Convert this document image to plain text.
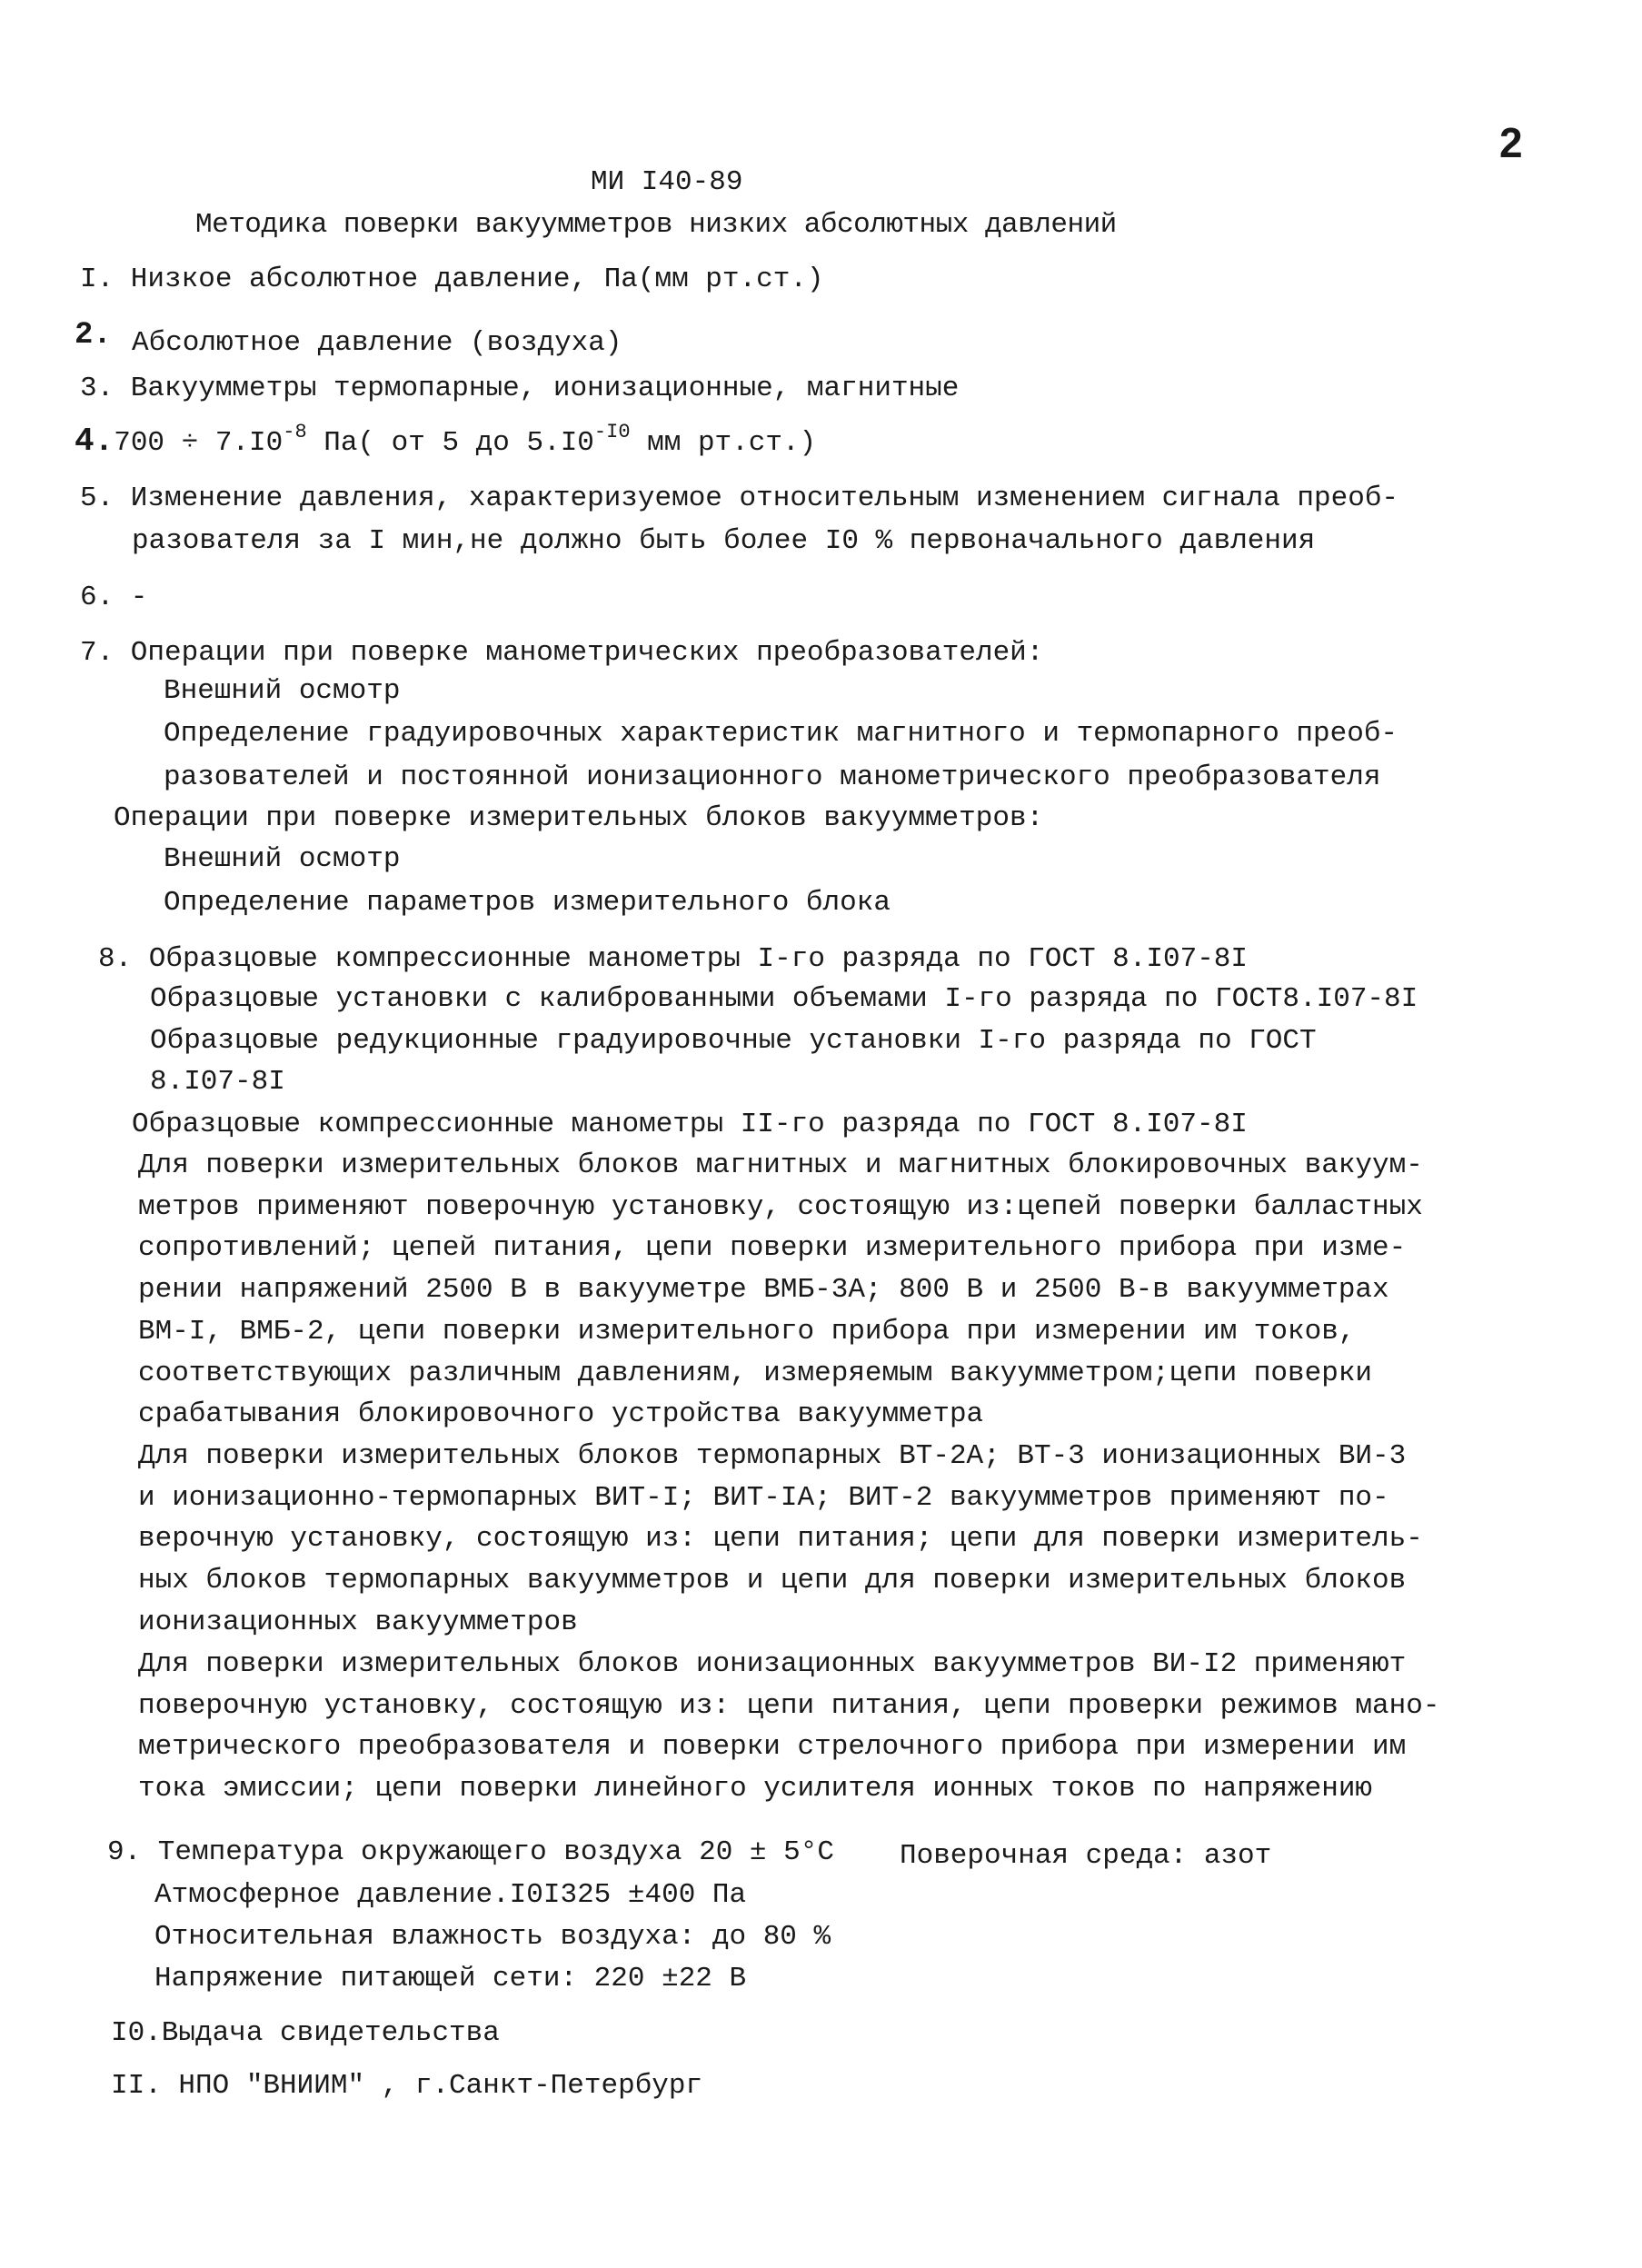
2
МИ I40-89
Методика поверки вакуумметров низких абсолютных давлений
I. Низкое абсолютное давление, Па(мм рт.ст.)
2. Абсолютное давление (воздуха)
3. Вакуумметры термопарные, ионизационные, магнитные
$4.700 \div 7.I0^{-8}$ Па( от 5 до $5.I0^{-I0}$ мм рт.ст.)
5. Изменение давления, характеризуемое относительным изменением сигнала преоб-
разователя за I мин,не должно быть более I0 % первоначального давления
6. -
7. Операции при поверке манометрических преобразователей:
Внешний осмотр
Определение градуировочных характеристик магнитного и термопарного преоб-
разователей и постоянной ионизационного манометрического преобразователя
Операции при поверке измерительных блоков вакуумметров:
Внешний осмотр
Определение параметров измерительного блока
8. Образцовые компрессионные манометры I-го разряда по ГОСТ 8.I07-8I
Образцовые установки с калиброванными объемами I-го разряда по ГОСТ8.I07-8I
Образцовые редукционные градуировочные установки I-го разряда по ГОСТ
8.I07-8I
Образцовые компрессионные манометры II-го разряда по ГОСТ 8.I07-8I
Для поверки измерительных блоков магнитных и магнитных блокировочных вакуум-
метров применяют поверочную установку, состоящую из:цепей поверки балластных
сопротивлений; цепей питания, цепи поверки измерительного прибора при изме-
рении напряжений 2500 В в вакууметре ВМБ-3А; 800 В и 2500 В-в вакуумметрах
ВМ-I, ВМБ-2, цепи поверки измерительного прибора при измерении им токов,
соответствующих различным давлениям, измеряемым вакуумметром;цепи поверки
срабатывания блокировочного устройства вакуумметра
Для поверки измерительных блоков термопарных ВТ-2А; ВТ-3 ионизационных ВИ-3
и ионизационно-термопарных ВИТ-I; ВИТ-IА; ВИТ-2 вакуумметров применяют по-
верочную установку, состоящую из: цепи питания; цепи для поверки измеритель-
ных блоков термопарных вакуумметров и цепи для поверки измерительных блоков
ионизационных вакуумметров
Для поверки измерительных блоков ионизационных вакуумметров ВИ-I2 применяют
поверочную установку, состоящую из: цепи питания, цепи проверки режимов мано-
метрического преобразователя и поверки стрелочного прибора при измерении им
тока эмиссии; цепи поверки линейного усилителя ионных токов по напряжению
9. Температура окружающего воздуха 20 ± 5°С Поверочная среда: азот
Атмосферное давление.I0I325 ±400 Па
Относительная влажность воздуха: до 80 %
Напряжение питающей сети: 220 ±22 В
I0.Выдача свидетельства
II. НПО "ВНИИМ" , г.Санкт-Петербург
